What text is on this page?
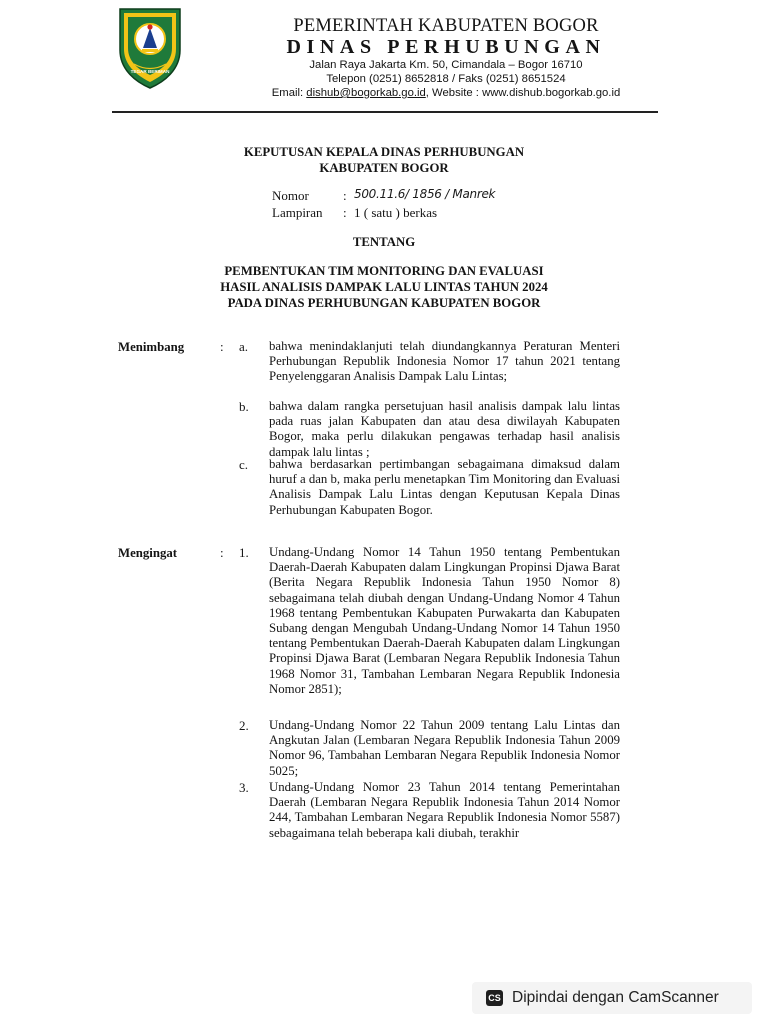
TEGAR BERIMAN
PEMERINTAH KABUPATEN BOGOR
DINAS PERHUBUNGAN
Jalan Raya Jakarta Km. 50, Cimandala – Bogor 16710
Telepon (0251) 8652818 / Faks (0251) 8651524
Email: dishub@bogorkab.go.id, Website : www.dishub.bogorkab.go.id
KEPUTUSAN KEPALA DINAS PERHUBUNGAN
KABUPATEN BOGOR
Nomor	: 500.11.6/ 1856 / Manrek
Lampiran : 1 ( satu ) berkas
TENTANG
PEMBENTUKAN TIM MONITORING DAN EVALUASI
HASIL ANALISIS DAMPAK LALU LINTAS TAHUN 2024
PADA DINAS PERHUBUNGAN KABUPATEN BOGOR
Menimbang	: a. bahwa menindaklanjuti telah diundangkannya Peraturan Menteri Perhubungan Republik Indonesia Nomor 17 tahun 2021 tentang Penyelenggaran Analisis Dampak Lalu Lintas;
b. bahwa dalam rangka persetujuan hasil analisis dampak lalu lintas pada ruas jalan Kabupaten dan atau desa diwilayah Kabupaten Bogor, maka perlu dilakukan pengawas terhadap hasil analisis dampak lalu lintas ;
c. bahwa berdasarkan pertimbangan sebagaimana dimaksud dalam huruf a dan b, maka perlu menetapkan Tim Monitoring dan Evaluasi Analisis Dampak Lalu Lintas dengan Keputusan Kepala Dinas Perhubungan Kabupaten Bogor.
Mengingat	: 1. Undang-Undang Nomor 14 Tahun 1950 tentang Pembentukan Daerah-Daerah Kabupaten dalam Lingkungan Propinsi Djawa Barat (Berita Negara Republik Indonesia Tahun 1950 Nomor 8) sebagaimana telah diubah dengan Undang-Undang Nomor 4 Tahun 1968 tentang Pembentukan Kabupaten Purwakarta dan Kabupaten Subang dengan Mengubah Undang-Undang Nomor 14 Tahun 1950 tentang Pembentukan Daerah-Daerah Kabupaten dalam Lingkungan Propinsi Djawa Barat (Lembaran Negara Republik Indonesia Tahun 1968 Nomor 31, Tambahan Lembaran Negara Republik Indonesia Nomor 2851);
2. Undang-Undang Nomor 22 Tahun 2009 tentang Lalu Lintas dan Angkutan Jalan (Lembaran Negara Republik Indonesia Tahun 2009 Nomor 96, Tambahan Lembaran Negara Republik Indonesia Nomor 5025;
3. Undang-Undang Nomor 23 Tahun 2014 tentang Pemerintahan Daerah (Lembaran Negara Republik Indonesia Tahun 2014 Nomor 244, Tambahan Lembaran Negara Republik Indonesia Nomor 5587) sebagaimana telah beberapa kali diubah, terakhir
CS Dipindai dengan CamScanner
